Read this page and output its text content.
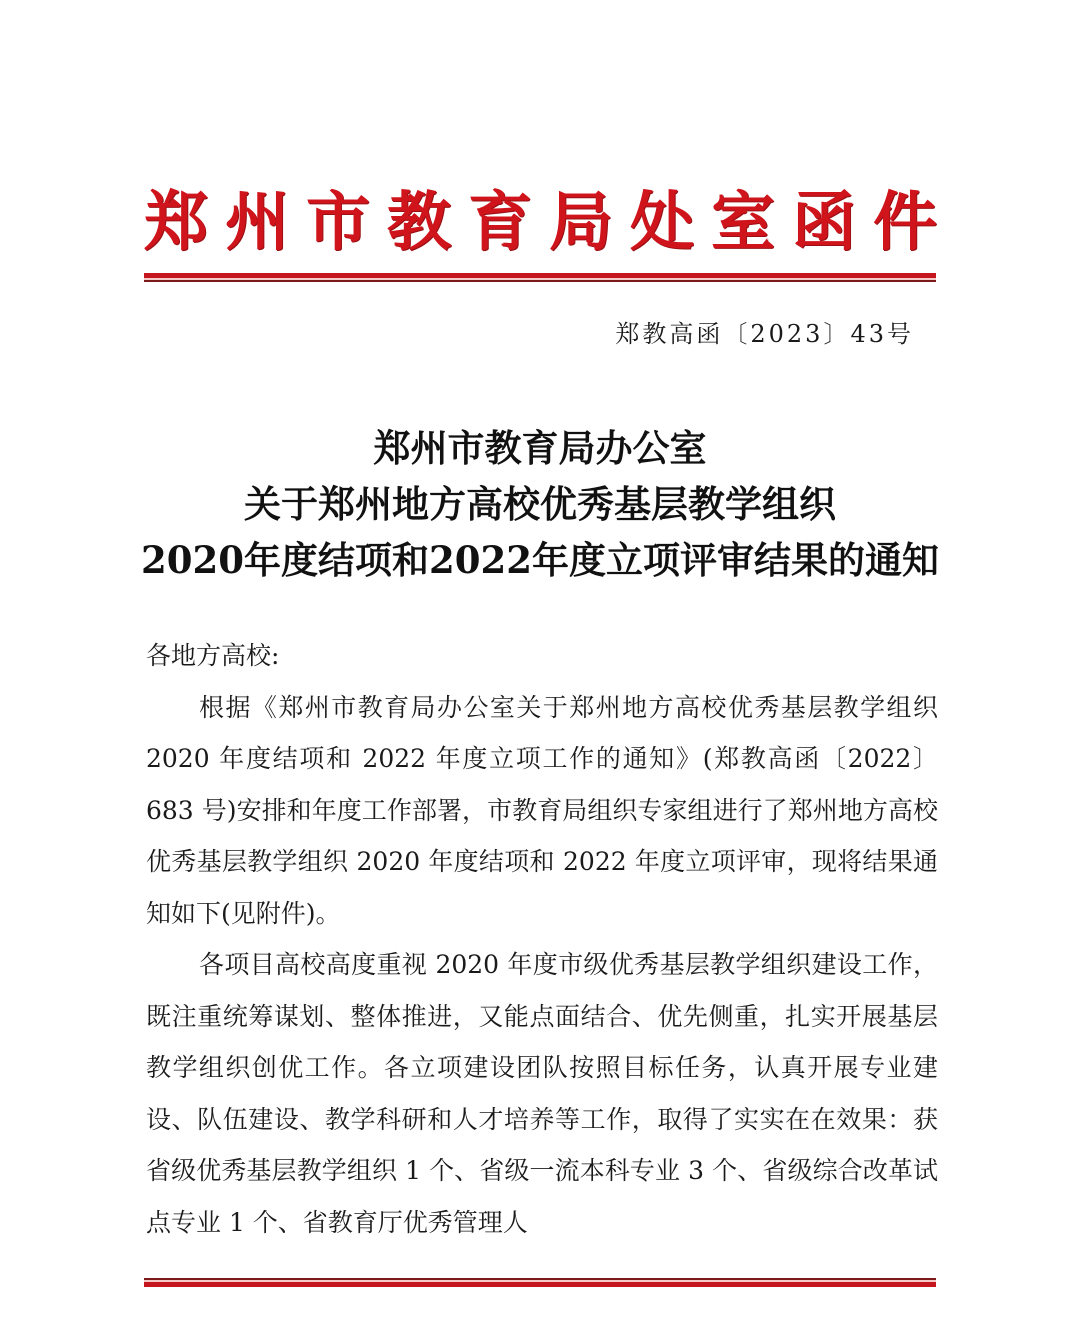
郑州市教育局处室函件
郑教高函〔2023〕43号
郑州市教育局办公室
关于郑州地方高校优秀基层教学组织
2020年度结项和2022年度立项评审结果的通知

各地方高校:

根据《郑州市教育局办公室关于郑州地方高校优秀基层教学组织 2020 年度结项和 2022 年度立项工作的通知》(郑教高函〔2022〕683 号)安排和年度工作部署，市教育局组织专家组进行了郑州地方高校优秀基层教学组织 2020 年度结项和 2022 年度立项评审，现将结果通知如下(见附件)。

各项目高校高度重视 2020 年度市级优秀基层教学组织建设工作，既注重统筹谋划、整体推进，又能点面结合、优先侧重，扎实开展基层教学组织创优工作。各立项建设团队按照目标任务，认真开展专业建设、队伍建设、教学科研和人才培养等工作，取得了实实在在效果：获省级优秀基层教学组织 1 个、省级一流本科专业 3 个、省级综合改革试点专业 1 个、省教育厅优秀管理人
